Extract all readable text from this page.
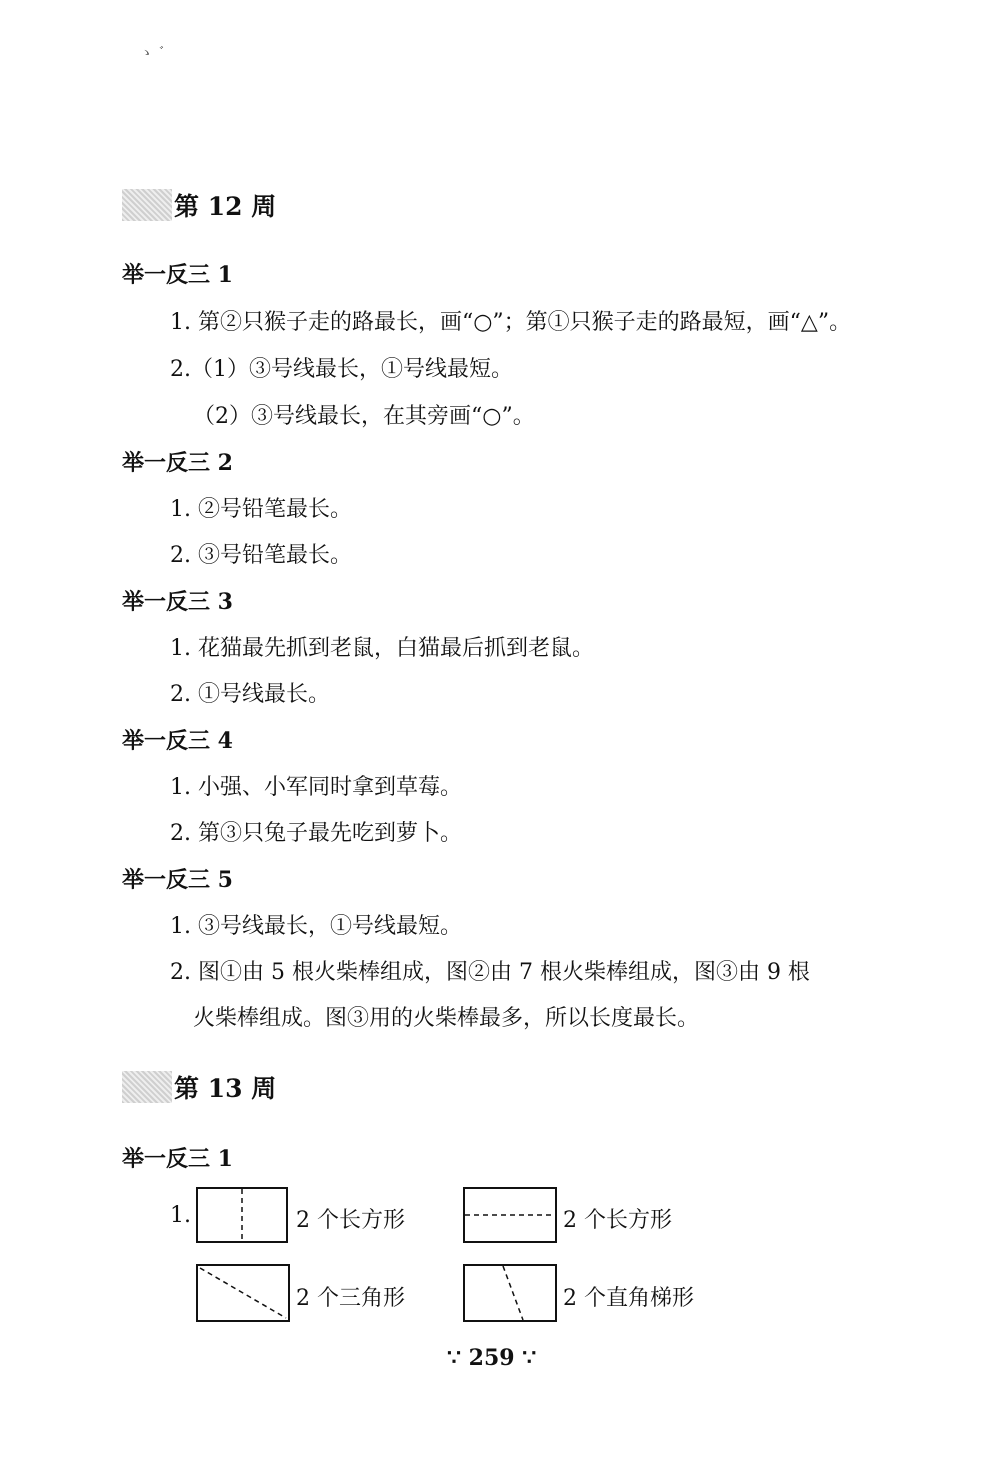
ゝ ゛
第 12 周
举一反三 1
1. 第②只猴子走的路最长，画“○”；第①只猴子走的路最短，画“△”。
2.（1）③号线最长，①号线最短。
（2）③号线最长，在其旁画“○”。
举一反三 2
1. ②号铅笔最长。
2. ③号铅笔最长。
举一反三 3
1. 花猫最先抓到老鼠，白猫最后抓到老鼠。
2. ①号线最长。
举一反三 4
1. 小强、小军同时拿到草莓。
2. 第③只兔子最先吃到萝卜。
举一反三 5
1. ③号线最长，①号线最短。
2. 图①由 5 根火柴棒组成，图②由 7 根火柴棒组成，图③由 9 根
火柴棒组成。图③用的火柴棒最多，所以长度最长。
第 13 周
举一反三 1
1.	2 个长方形	2 个长方形
2 个三角形	2 个直角梯形
∵ 259 ∵
